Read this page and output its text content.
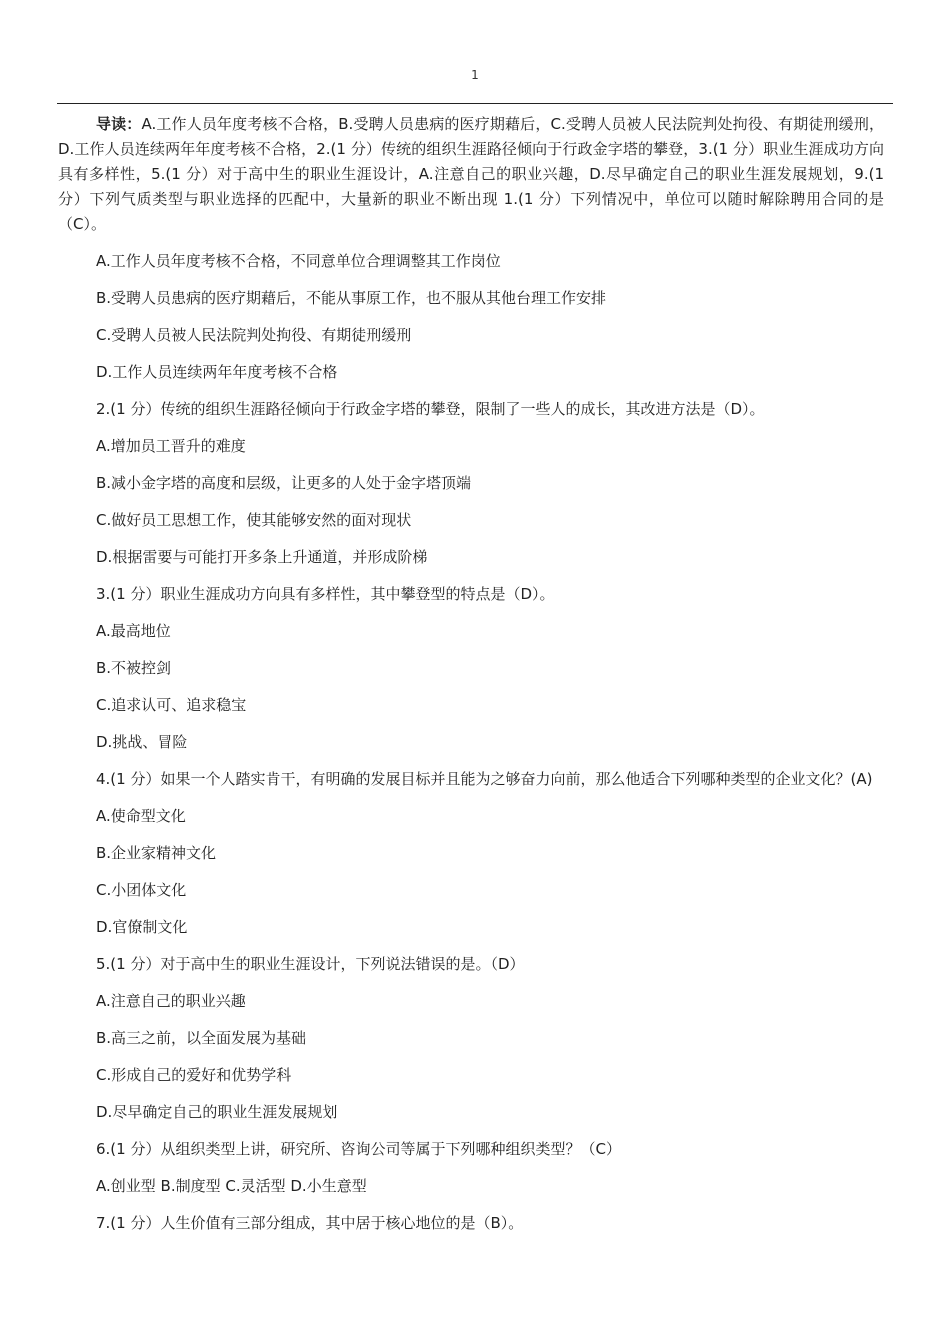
1

导读：A.工作人员年度考核不合格，B.受聘人员患病的医疗期藉后，C.受聘人员被人民法院判处拘役、有期徒刑缓刑，D.工作人员连续两年年度考核不合格，2.(1 分）传统的组织生涯路径倾向于行政金字塔的攀登，3.(1 分）职业生涯成功方向具有多样性，5.(1 分）对于高中生的职业生涯设计，A.注意自己的职业兴趣，D.尽早确定自己的职业生涯发展规划，9.(1 分）下列气质类型与职业选择的匹配中，大量新的职业不断出现 1.(1 分）下列情况中，单位可以随时解除聘用合同的是（C）。

A.工作人员年度考核不合格，不同意单位合理调整其工作岗位

B.受聘人员患病的医疗期藉后，不能从事原工作，也不服从其他台理工作安排

C.受聘人员被人民法院判处拘役、有期徒刑缓刑

D.工作人员连续两年年度考核不合格

2.(1 分）传统的组织生涯路径倾向于行政金字塔的攀登，限制了一些人的成长，其改进方法是（D）。

A.增加员工晋升的难度

B.减小金字塔的高度和层级，让更多的人处于金字塔顶端

C.做好员工思想工作，使其能够安然的面对现状

D.根据雷要与可能打开多条上升通道，并形成阶梯

3.(1 分）职业生涯成功方向具有多样性，其中攀登型的特点是（D）。

A.最高地位

B.不被控剑

C.追求认可、追求稳宝

D.挑战、冒险

4.(1 分）如果一个人踏实肯干，有明确的发展目标并且能为之够奋力向前，那么他适合下列哪种类型的企业文化？(A)

A.使命型文化

B.企业家精神文化

C.小团体文化

D.官僚制文化

5.(1 分）对于高中生的职业生涯设计，下列说法错误的是。（D）

A.注意自己的职业兴趣

B.高三之前，以全面发展为基础

C.形成自己的爱好和优势学科

D.尽早确定自己的职业生涯发展规划

6.(1 分）从组织类型上讲，研究所、咨询公司等属于下列哪种组织类型？（C）

A.创业型 B.制度型 C.灵活型 D.小生意型

7.(1 分）人生价值有三部分组成，其中居于核心地位的是（B）。
